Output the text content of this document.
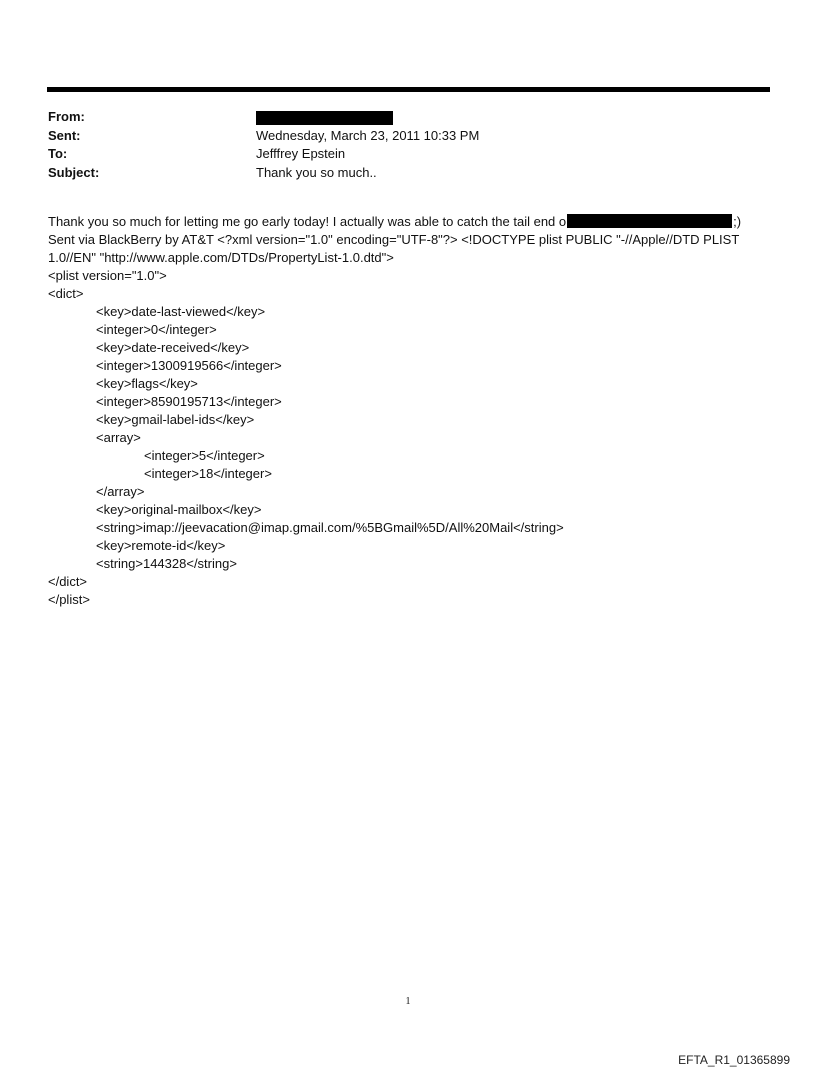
From:
Sent:	Wednesday, March 23, 2011 10:33 PM
To:	Jefffrey Epstein
Subject:	Thank you so much..
Thank you so much for letting me go early today! I actually was able to catch the tail end o	;)
Sent via BlackBerry by AT&T <?xml version="1.0" encoding="UTF-8"?> <!DOCTYPE plist PUBLIC "-//Apple//DTD PLIST
1.0//EN" "http://www.apple.com/DTDs/PropertyList-1.0.dtd">
<plist version="1.0">
<dict>
<key>date-last-viewed</key>
<integer>0</integer>
<key>date-received</key>
<integer>1300919566</integer>
<key>flags</key>
<integer>8590195713</integer>
<key>gmail-label-ids</key>
<array>
<integer>5</integer>
<integer>18</integer>
</array>
<key>original-mailbox</key>
<string>imap://jeevacation@imap.gmail.com/%5BGmail%5D/All%20Mail</string>
<key>remote-id</key>
<string>144328</string>
</dict>
</plist>
1
EFTA_R1_01365899
